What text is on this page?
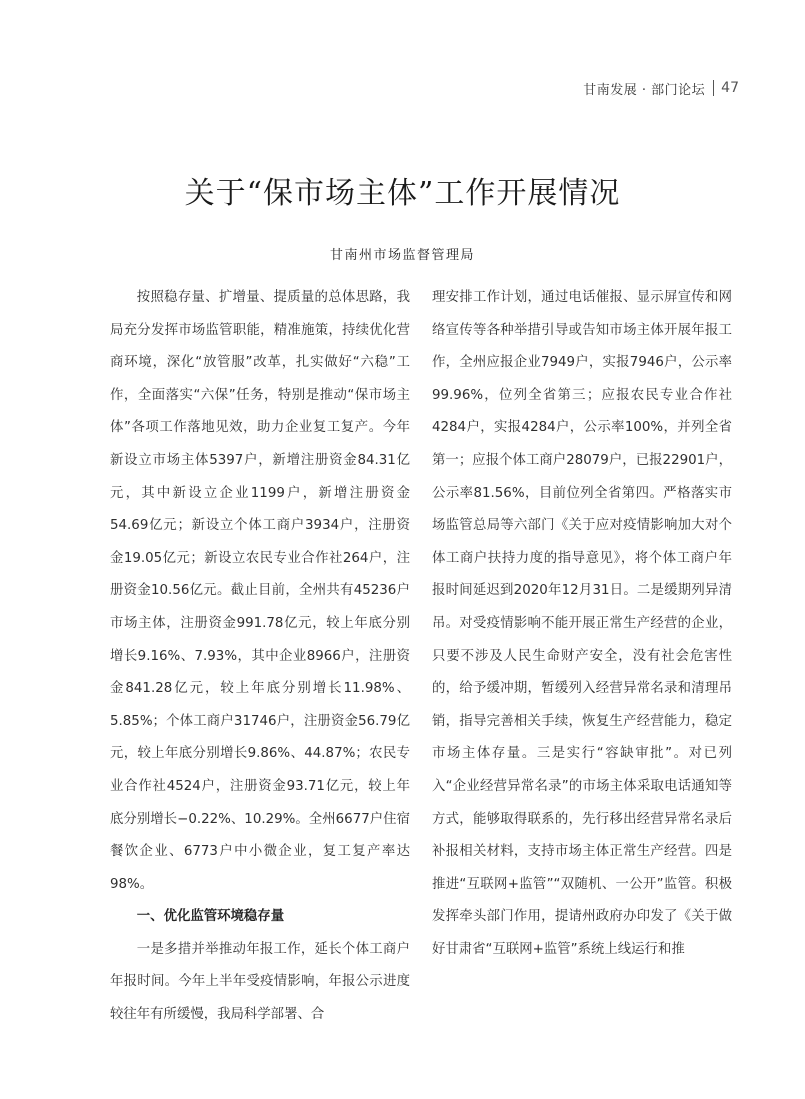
甘南发展 · 部门论坛 47
关于“保市场主体”工作开展情况
甘南州市场监督管理局

按照稳存量、扩增量、提质量的总体思路，我局充分发挥市场监管职能，精准施策，持续优化营商环境，深化“放管服”改革，扎实做好“六稳”工作，全面落实“六保”任务，特别是推动“保市场主体”各项工作落地见效，助力企业复工复产。今年新设立市场主体5397户，新增注册资金84.31亿元，其中新设立企业1199户，新增注册资金54.69亿元；新设立个体工商户3934户，注册资金19.05亿元；新设立农民专业合作社264户，注册资金10.56亿元。截止目前，全州共有45236户市场主体，注册资金991.78亿元，较上年底分别增长9.16%、7.93%，其中企业8966户，注册资金841.28亿元，较上年底分别增长11.98%、5.85%；个体工商户31746户，注册资金56.79亿元，较上年底分别增长9.86%、44.87%；农民专业合作社4524户，注册资金93.71亿元，较上年底分别增长−0.22%、10.29%。全州6677户住宿餐饮企业、6773户中小微企业，复工复产率达98%。

一、优化监管环境稳存量

一是多措并举推动年报工作，延长个体工商户年报时间。今年上半年受疫情影响，年报公示进度较往年有所缓慢，我局科学部署、合

理安排工作计划，通过电话催报、显示屏宣传和网络宣传等各种举措引导或告知市场主体开展年报工作，全州应报企业7949户，实报7946户，公示率99.96%，位列全省第三；应报农民专业合作社4284户，实报4284户，公示率100%，并列全省第一；应报个体工商户28079户，已报22901户，公示率81.56%，目前位列全省第四。严格落实市场监管总局等六部门《关于应对疫情影响加大对个体工商户扶持力度的指导意见》，将个体工商户年报时间延迟到2020年12月31日。二是缓期列异清吊。对受疫情影响不能开展正常生产经营的企业，只要不涉及人民生命财产安全，没有社会危害性的，给予缓冲期，暂缓列入经营异常名录和清理吊销，指导完善相关手续，恢复生产经营能力，稳定市场主体存量。三是实行“容缺审批”。对已列入“企业经营异常名录”的市场主体采取电话通知等方式，能够取得联系的，先行移出经营异常名录后补报相关材料，支持市场主体正常生产经营。四是推进“互联网+监管”“双随机、一公开”监管。积极发挥牵头部门作用，提请州政府办印发了《关于做好甘肃省“互联网+监管”系统上线运行和推
